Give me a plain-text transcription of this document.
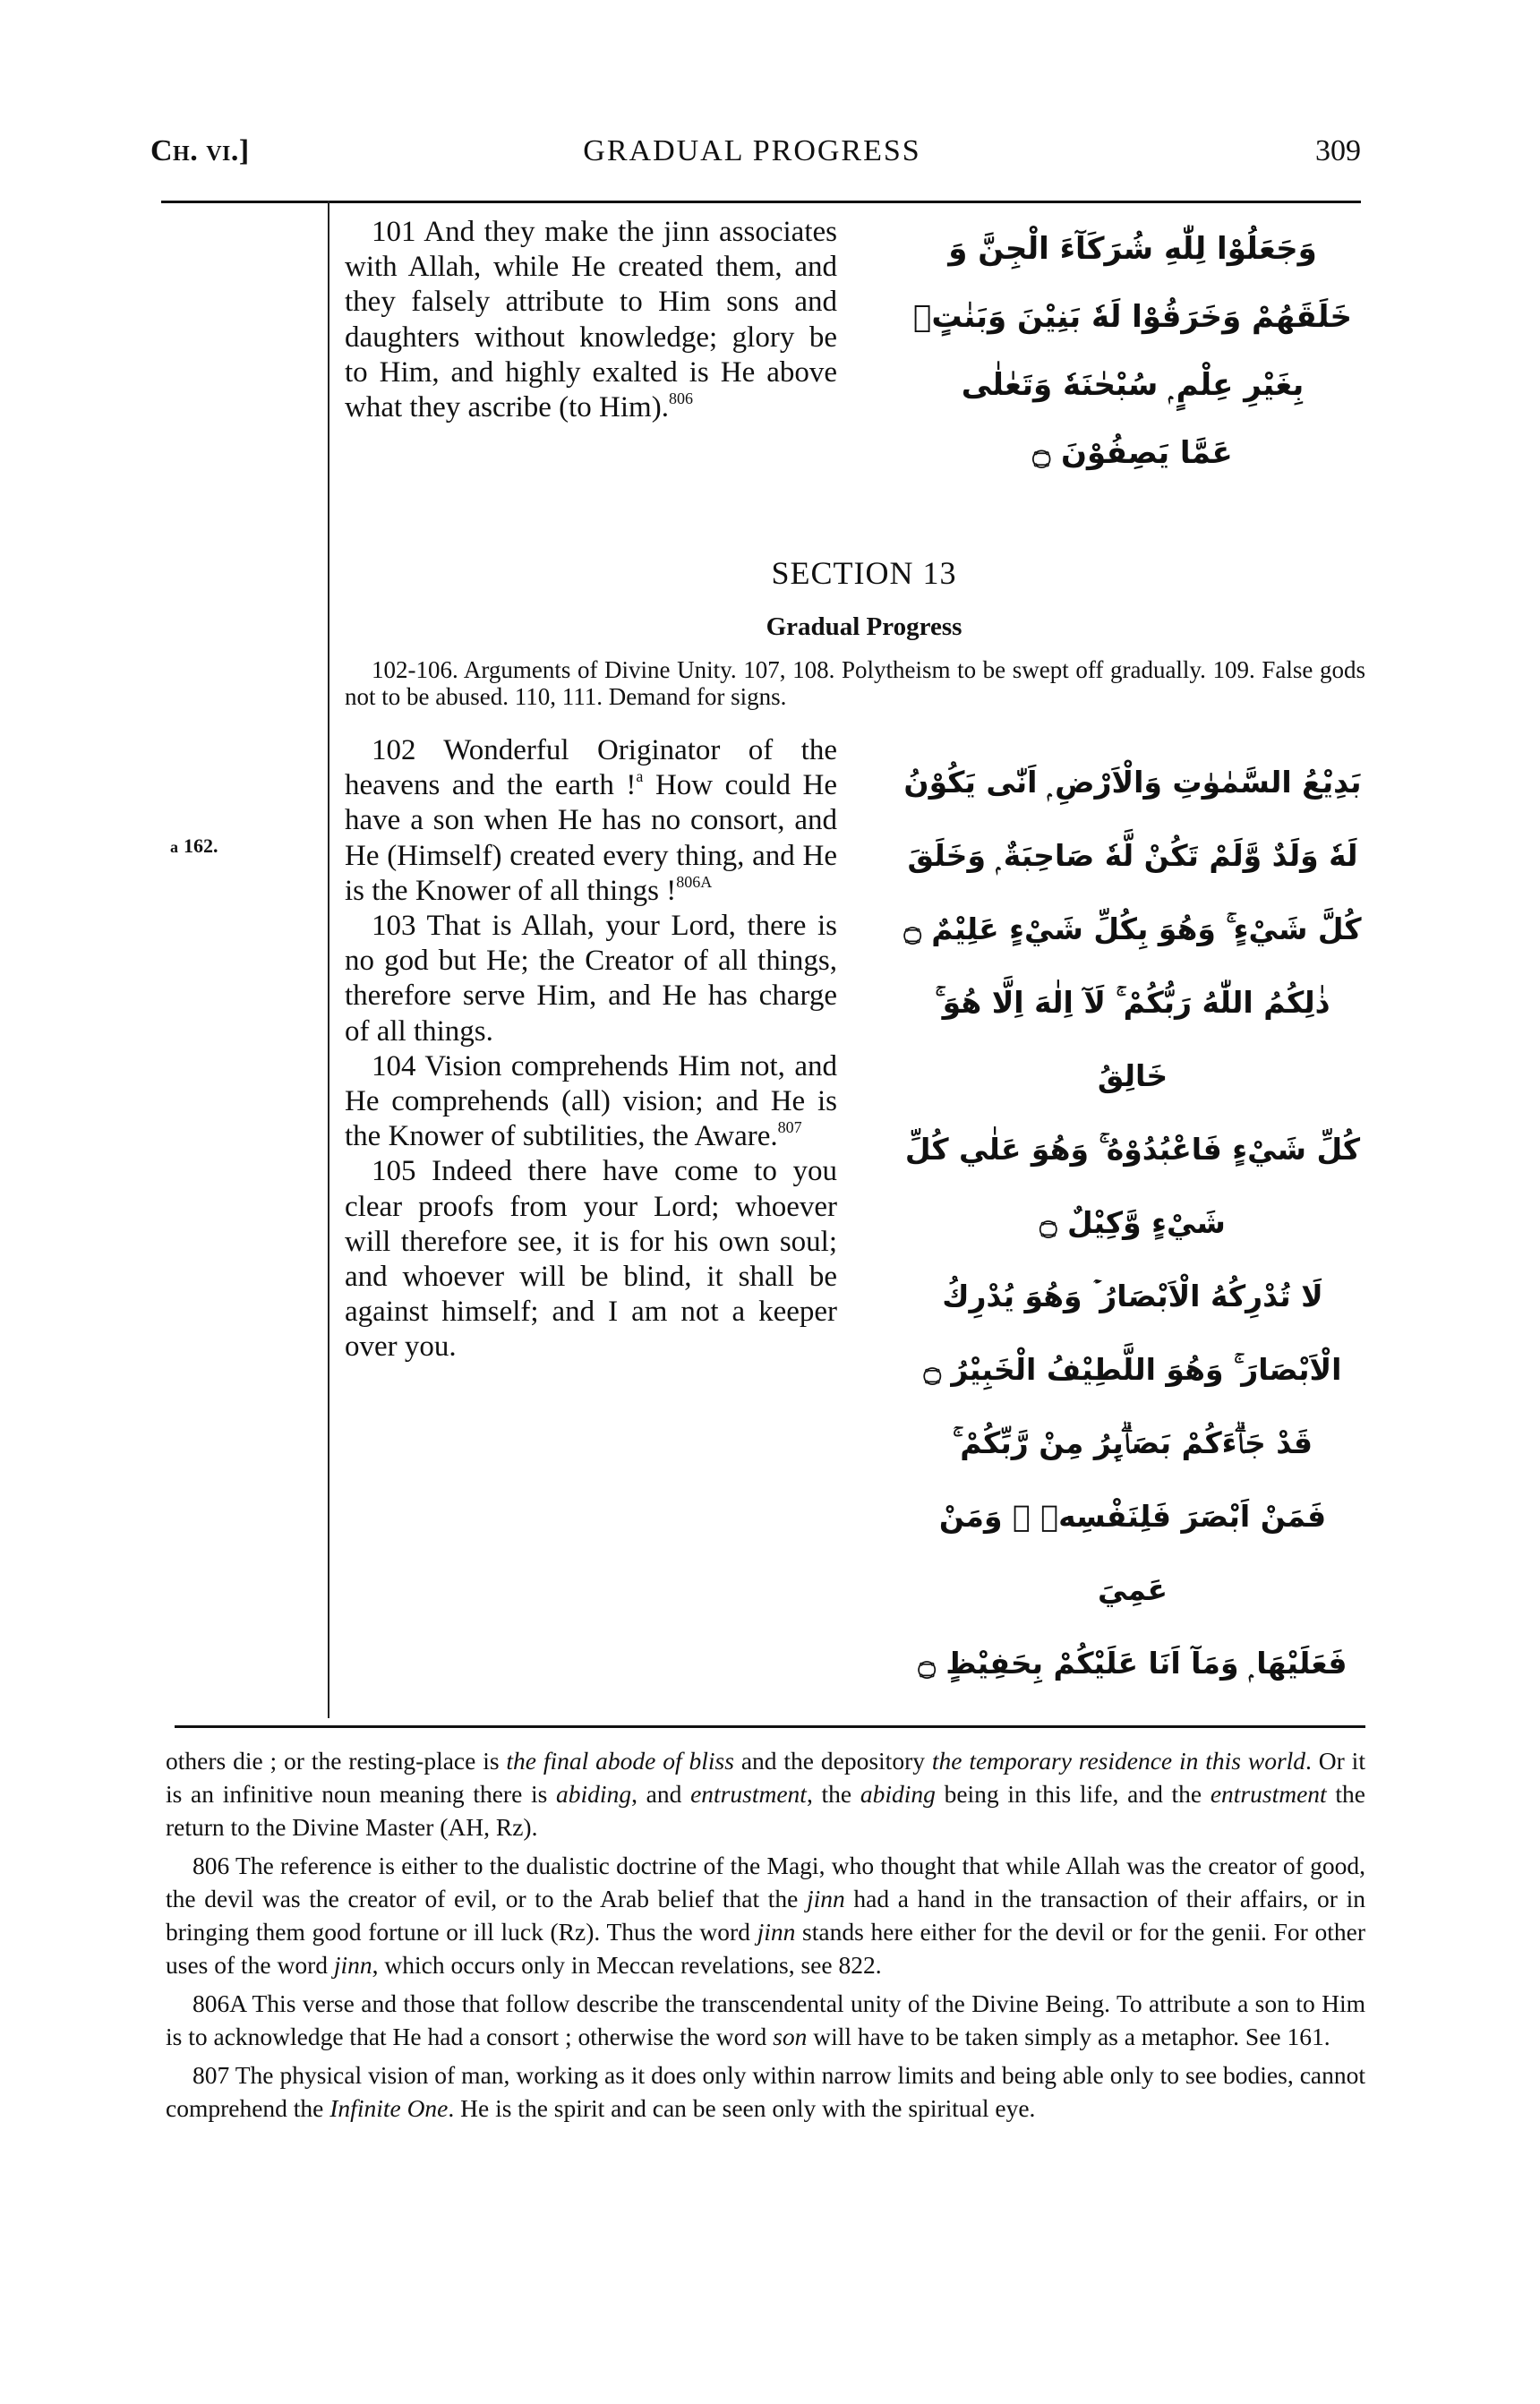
Ch. vi.]	GRADUAL PROGRESS	309
a 162.

101 And they make the jinn associates with Allah, while He created them, and they falsely attribute to Him sons and daughters without knowledge; glory be to Him, and highly exalted is He above what they ascribe (to Him).$^{806}$

وَجَعَلُوْا لِلّٰهِ شُرَكَآءَ الْجِنَّ وَ
خَلَقَهُمْ وَخَرَقُوْا لَهٗ بَنِيْنَ وَبَنٰتٍۢ
بِغَيْرِ عِلْمٍ ۭ سُبْحٰنَهٗ وَتَعٰلٰى
عَمَّا يَصِفُوْنَ ۝
SECTION 13
Gradual Progress
102-106. Arguments of Divine Unity. 107, 108. Polytheism to be swept off gradually. 109. False gods not to be abused. 110, 111. Demand for signs.

102 Wonderful Originator of the heavens and the earth !$^a$ How could He have a son when He has no consort, and He (Himself) created every thing, and He is the Knower of all things !$^{806A}$

103 That is Allah, your Lord, there is no god but He; the Creator of all things, therefore serve Him, and He has charge of all things.

104 Vision comprehends Him not, and He comprehends (all) vision; and He is the Knower of subtilities, the Aware.$^{807}$

105 Indeed there have come to you clear proofs from your Lord; whoever will therefore see, it is for his own soul; and whoever will be blind, it shall be against himself; and I am not a keeper over you.

بَدِيْعُ السَّمٰوٰتِ وَالْاَرْضِ ۭ اَنّٰى يَكُوْنُ
لَهٗ وَلَدٌ وَّلَمْ تَكُنْ لَّهٗ صَاحِبَةٌ ۭ وَخَلَقَ
كُلَّ شَيْءٍ ۚ وَهُوَ بِكُلِّ شَيْءٍ عَلِيْمٌ ۝
ذٰلِكُمُ اللّٰهُ رَبُّكُمْ ۚ لَآ اِلٰهَ اِلَّا هُوَ ۚ خَالِقُ
كُلِّ شَيْءٍ فَاعْبُدُوْهُ ۚ وَهُوَ عَلٰي كُلِّ
شَيْءٍ وَّكِيْلٌ ۝
لَا تُدْرِكُهُ الْاَبْصَارُ ۡ وَهُوَ يُدْرِكُ
الْاَبْصَارَ ۚ وَهُوَ اللَّطِيْفُ الْخَبِيْرُ ۝
قَدْ جَاۗءَكُمْ بَصَاۗىِٕرُ مِنْ رَّبِّكُمْ ۚ
فَمَنْ اَبْصَرَ فَلِنَفْسِهٖ ۚ وَمَنْ عَمِيَ
فَعَلَيْهَا ۭ وَمَآ اَنَا عَلَيْكُمْ بِحَفِيْظٍ ۝

others die ; or the resting-place is the final abode of bliss and the depository the temporary residence in this world. Or it is an infinitive noun meaning there is abiding, and entrustment, the abiding being in this life, and the entrustment the return to the Divine Master (AH, Rz).

806 The reference is either to the dualistic doctrine of the Magi, who thought that while Allah was the creator of good, the devil was the creator of evil, or to the Arab belief that the jinn had a hand in the transaction of their affairs, or in bringing them good fortune or ill luck (Rz). Thus the word jinn stands here either for the devil or for the genii. For other uses of the word jinn, which occurs only in Meccan revelations, see 822.

806A This verse and those that follow describe the transcendental unity of the Divine Being. To attribute a son to Him is to acknowledge that He had a consort ; otherwise the word son will have to be taken simply as a metaphor. See 161.

807 The physical vision of man, working as it does only within narrow limits and being able only to see bodies, cannot comprehend the Infinite One. He is the spirit and can be seen only with the spiritual eye.
